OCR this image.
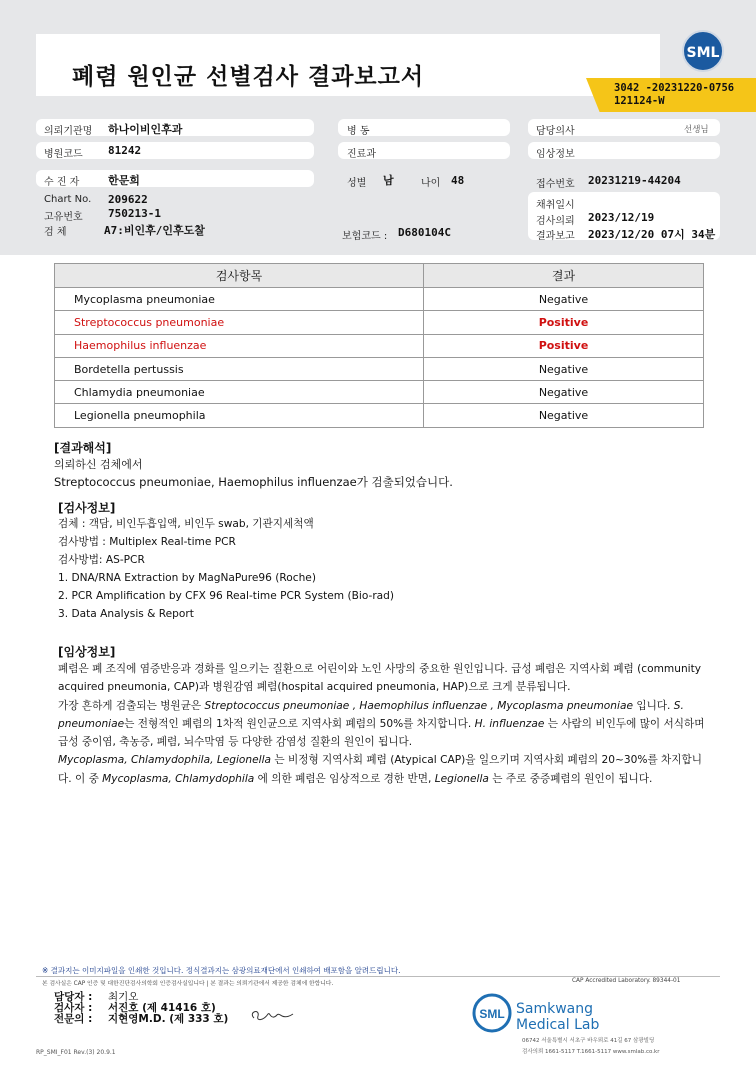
폐렴 원인균 선별검사 결과보고서
SML
3042 -20231220-0756
121124-W
의뢰기관명 하나이비인후과
병원코드 81242
수 진 자	한문희
Chart No. 209622
고유번호 750213-1
검 체	A7:비인후/인후도찰
병 동
진료과
성별 남	나이 48
보험코드 : D680104C
담당의사	선생님
임상정보
접수번호 20231219-44204
채취일시
검사의뢰 2023/12/19
결과보고 2023/12/20 07시 34분
검사항목	결과
Mycoplasma pneumoniae	Negative
Streptococcus pneumoniae	Positive
Haemophilus influenzae	Positive
Bordetella pertussis	Negative
Chlamydia pneumoniae	Negative
Legionella pneumophila	Negative
[결과해석]
의뢰하신 검체에서
Streptococcus pneumoniae, Haemophilus influenzae가 검출되었습니다.
[검사정보]
검체 : 객담, 비인두흡입액, 비인두 swab, 기관지세척액
검사방법 : Multiplex Real-time PCR
검사방법: AS-PCR
1. DNA/RNA Extraction by MagNaPure96 (Roche)
2. PCR Amplification by CFX 96 Real-time PCR System (Bio-rad)
3. Data Analysis & Report
[임상정보]
폐렴은 폐 조직에 염증반응과 경화를 일으키는 질환으로 어린이와 노인 사망의 중요한 원인입니다. 급성 폐렴은 지역사회 폐렴 (community acquired pneumonia, CAP)과 병원감염 폐렴(hospital acquired pneumonia, HAP)으로 크게 분류됩니다.
가장 흔하게 검출되는 병원균은 Streptococcus pneumoniae , Haemophilus influenzae , Mycoplasma pneumoniae 입니다. S. pneumoniae는 전형적인 폐렴의 1차적 원인균으로 지역사회 폐렴의 50%를 차지합니다. H. influenzae 는 사람의 비인두에 많이 서식하며 급성 중이염, 축농증, 폐렴, 뇌수막염 등 다양한 감염성 질환의 원인이 됩니다.
Mycoplasma, Chlamydophila, Legionella 는 비정형 지역사회 폐렴 (Atypical CAP)을 일으키며 지역사회 폐렴의 20~30%를 차지합니다. 이 중 Mycoplasma, Chlamydophila 에 의한 폐렴은 임상적으로 경한 반면, Legionella 는 주로 중증폐렴의 원인이 됩니다.
※ 결과지는 이미지파일을 인쇄한 것입니다. 정식결과지는 삼광의료재단에서 인쇄하여 배포함을 알려드립니다.
본 검사실은 CAP 인증 및 대한진단검사의학회 인증검사실입니다 | 본 결과는 의뢰기관에서 제공한 검체에 한합니다.	CAP Accredited Laboratory. 89344-01
담당자 : 최기오
검사자 : 서진호 (제 41416 호)
전문의 : 지현영M.D. (제 333 호)	SML Samkwang
Medical Lab
06742 서울특별시 서초구 바우뫼로 41길 67 삼광빌딩
검사의뢰 1661-5117 T.1661-5117 www.smlab.co.kr
RP_SMI_F01 Rev.(3) 20.9.1
